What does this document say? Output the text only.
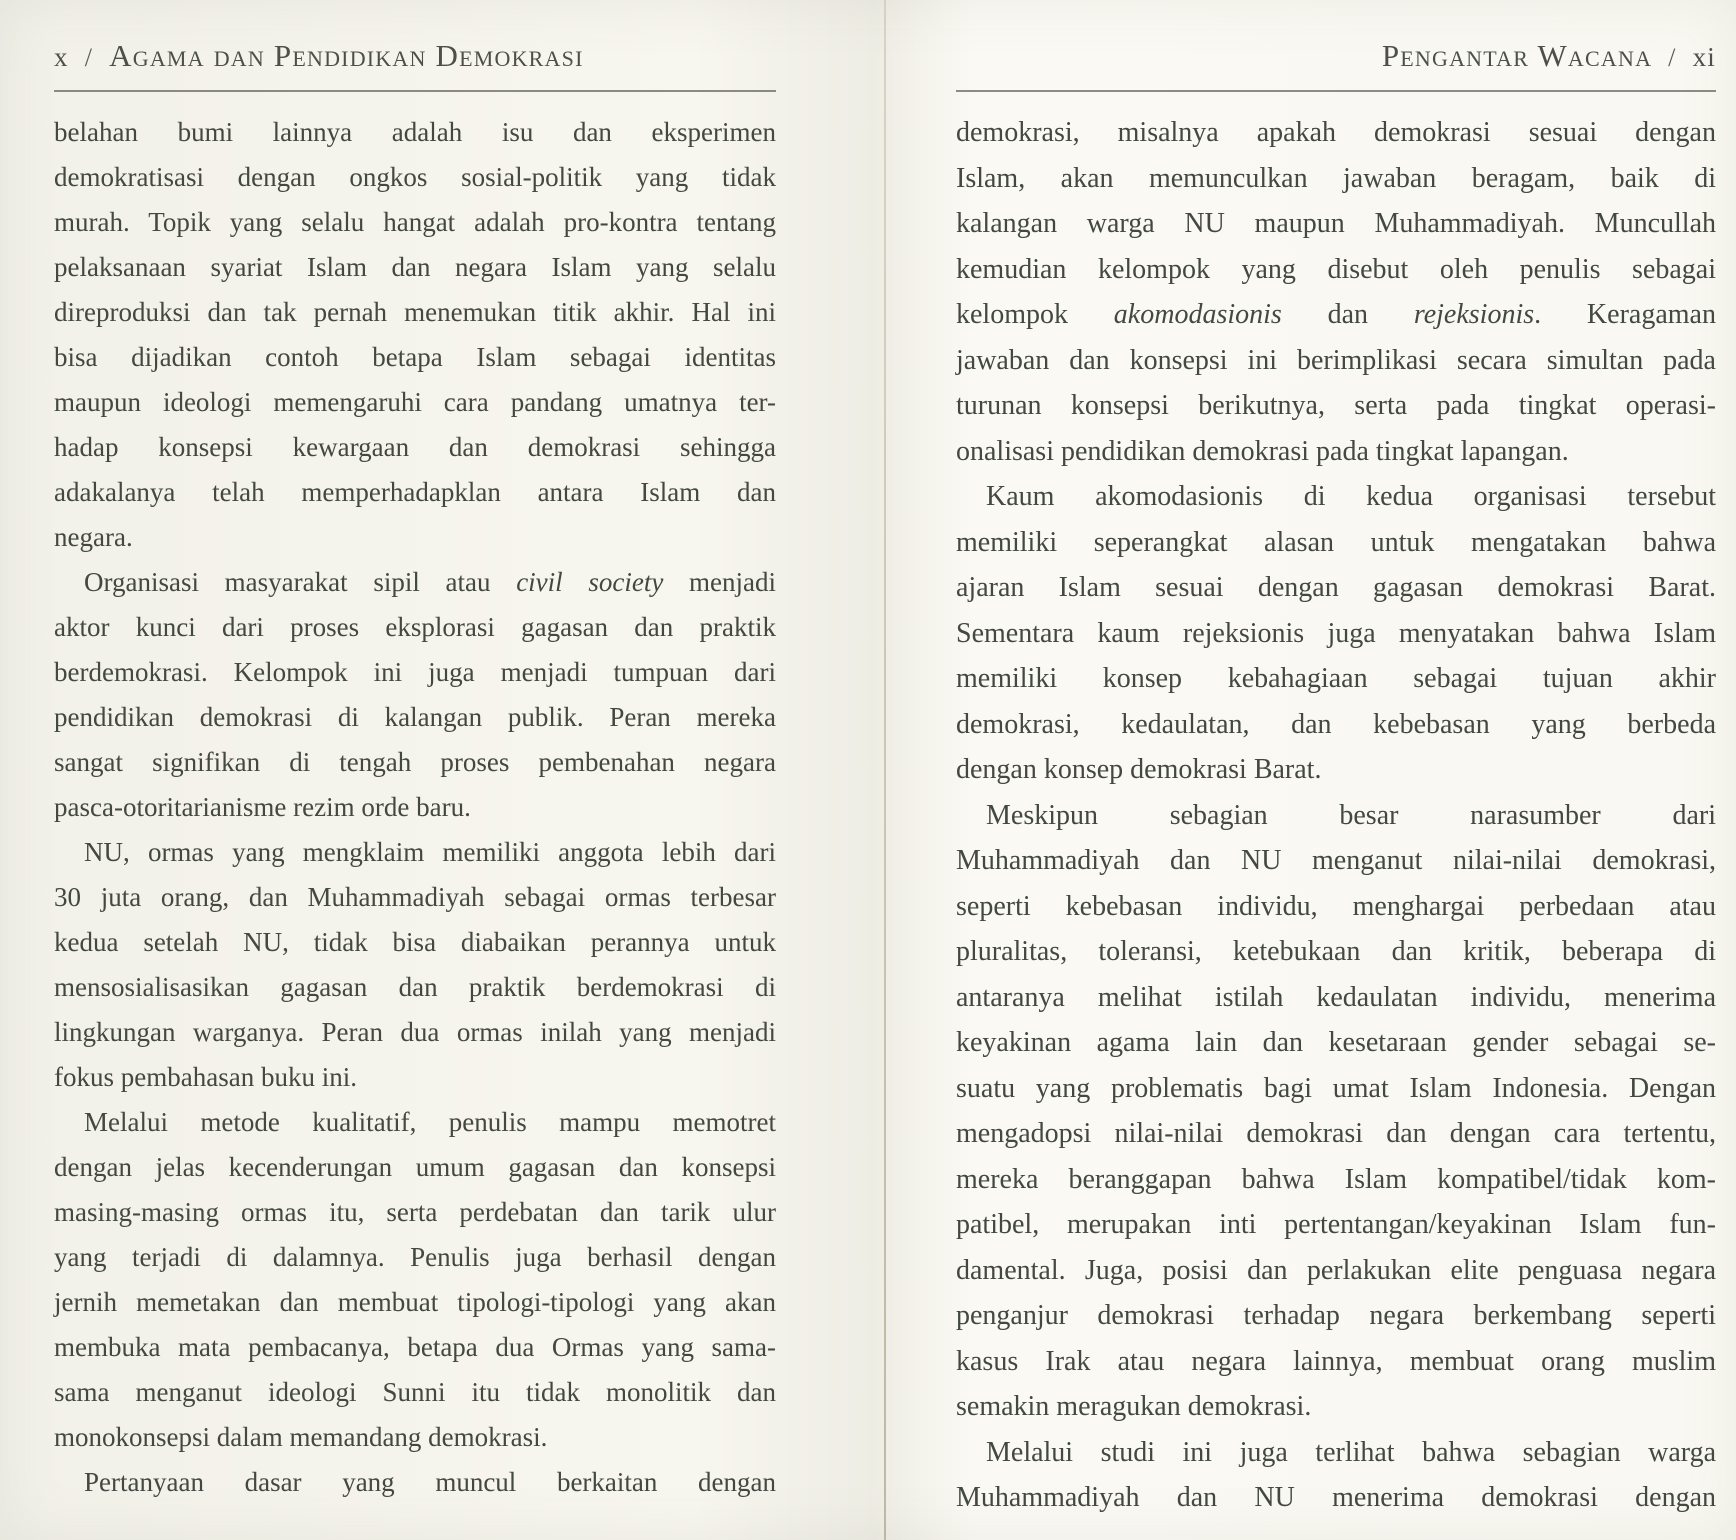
x / Agama dan Pendidikan Demokrasi
belahan bumi lainnya adalah isu dan eksperimen
demokratisasi dengan ongkos sosial-politik yang tidak
murah. Topik yang selalu hangat adalah pro-kontra tentang
pelaksanaan syariat Islam dan negara Islam yang selalu
direproduksi dan tak pernah menemukan titik akhir. Hal ini
bisa dijadikan contoh betapa Islam sebagai identitas
maupun ideologi memengaruhi cara pandang umatnya ter-
hadap konsepsi kewargaan dan demokrasi sehingga
adakalanya telah memperhadapklan antara Islam dan
negara.
Organisasi masyarakat sipil atau civil society menjadi
aktor kunci dari proses eksplorasi gagasan dan praktik
berdemokrasi. Kelompok ini juga menjadi tumpuan dari
pendidikan demokrasi di kalangan publik. Peran mereka
sangat signifikan di tengah proses pembenahan negara
pasca-otoritarianisme rezim orde baru.
NU, ormas yang mengklaim memiliki anggota lebih dari
30 juta orang, dan Muhammadiyah sebagai ormas terbesar
kedua setelah NU, tidak bisa diabaikan perannya untuk
mensosialisasikan gagasan dan praktik berdemokrasi di
lingkungan warganya. Peran dua ormas inilah yang menjadi
fokus pembahasan buku ini.
Melalui metode kualitatif, penulis mampu memotret
dengan jelas kecenderungan umum gagasan dan konsepsi
masing-masing ormas itu, serta perdebatan dan tarik ulur
yang terjadi di dalamnya. Penulis juga berhasil dengan
jernih memetakan dan membuat tipologi-tipologi yang akan
membuka mata pembacanya, betapa dua Ormas yang sama-
sama menganut ideologi Sunni itu tidak monolitik dan
monokonsepsi dalam memandang demokrasi.
Pertanyaan dasar yang muncul berkaitan dengan
Pengantar Wacana / xi
demokrasi, misalnya apakah demokrasi sesuai dengan
Islam, akan memunculkan jawaban beragam, baik di
kalangan warga NU maupun Muhammadiyah. Muncullah
kemudian kelompok yang disebut oleh penulis sebagai
kelompok akomodasionis dan rejeksionis. Keragaman
jawaban dan konsepsi ini berimplikasi secara simultan pada
turunan konsepsi berikutnya, serta pada tingkat operasi-
onalisasi pendidikan demokrasi pada tingkat lapangan.
Kaum akomodasionis di kedua organisasi tersebut
memiliki seperangkat alasan untuk mengatakan bahwa
ajaran Islam sesuai dengan gagasan demokrasi Barat.
Sementara kaum rejeksionis juga menyatakan bahwa Islam
memiliki konsep kebahagiaan sebagai tujuan akhir
demokrasi, kedaulatan, dan kebebasan yang berbeda
dengan konsep demokrasi Barat.
Meskipun sebagian besar narasumber dari
Muhammadiyah dan NU menganut nilai-nilai demokrasi,
seperti kebebasan individu, menghargai perbedaan atau
pluralitas, toleransi, ketebukaan dan kritik, beberapa di
antaranya melihat istilah kedaulatan individu, menerima
keyakinan agama lain dan kesetaraan gender sebagai se-
suatu yang problematis bagi umat Islam Indonesia. Dengan
mengadopsi nilai-nilai demokrasi dan dengan cara tertentu,
mereka beranggapan bahwa Islam kompatibel/tidak kom-
patibel, merupakan inti pertentangan/keyakinan Islam fun-
damental. Juga, posisi dan perlakukan elite penguasa negara
penganjur demokrasi terhadap negara berkembang seperti
kasus Irak atau negara lainnya, membuat orang muslim
semakin meragukan demokrasi.
Melalui studi ini juga terlihat bahwa sebagian warga
Muhammadiyah dan NU menerima demokrasi dengan
